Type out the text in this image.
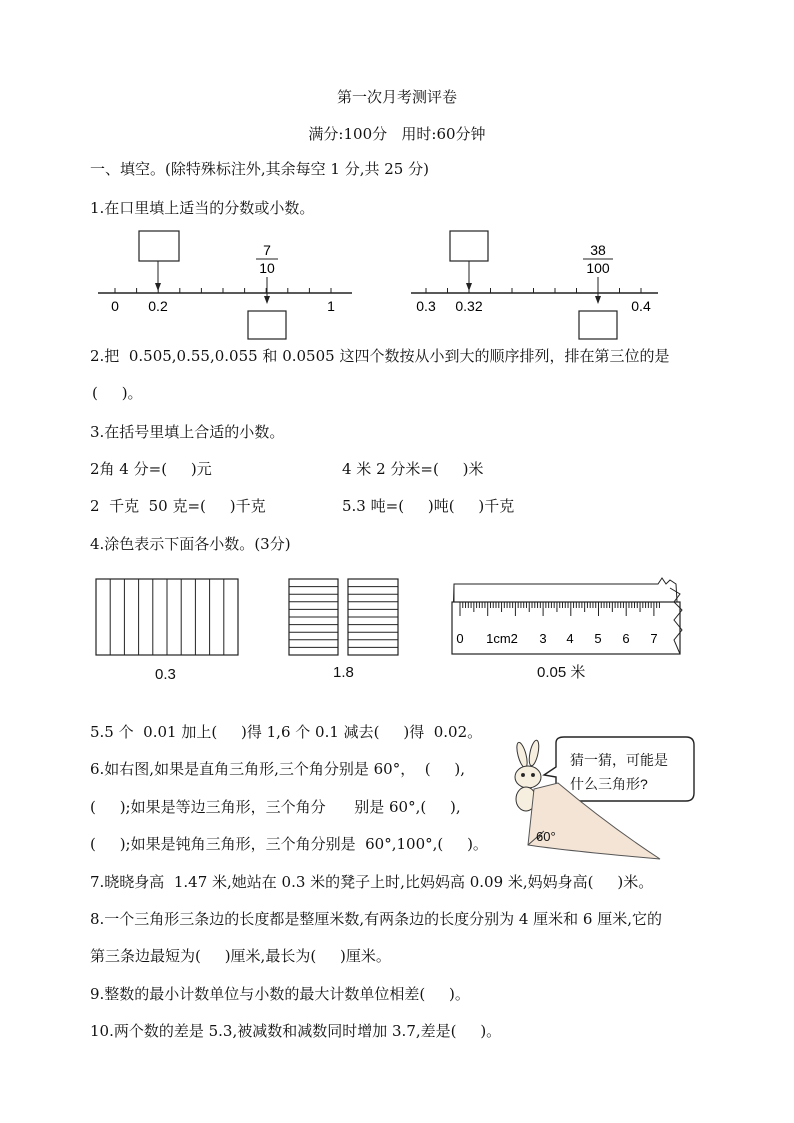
第一次月考测评卷
满分:100分   用时:60分钟
一、填空。(除特殊标注外,其余每空 1 分,共 25 分)
1.在口里填上适当的分数或小数。
7
10
0 0.2	1
38
100
0.3 0.32	0.4
2.把  0.505,0.55,0.055 和 0.0505 这四个数按从小到大的顺序排列，排在第三位的是
(     )。
3.在括号里填上合适的小数。
2角 4 分=(     )元	4 米 2 分米=(     )米
2  千克  50 克=(     )千克	5.3 吨=(     )吨(     )千克
4.涂色表示下面各小数。(3分)
0.3	1.8
0 1cm2 3 4 5 6 7
0.05 米
5.5 个  0.01 加上(     )得 1,6 个 0.1 减去(     )得  0.02。
6.如右图,如果是直角三角形,三个角分别是 60°，  (     ),
(     );如果是等边三角形，三个角分      别是 60°,(     ),
(     );如果是钝角三角形，三个角分别是  60°,100°,(     )。
猜一猜，可能是
什么三角形?
60°
7.晓晓身高  1.47 米,她站在 0.3 米的凳子上时,比妈妈高 0.09 米,妈妈身高(     )米。
8.一个三角形三条边的长度都是整厘米数,有两条边的长度分别为 4 厘米和 6 厘米,它的
第三条边最短为(     )厘米,最长为(     )厘米。
9.整数的最小计数单位与小数的最大计数单位相差(     )。
10.两个数的差是 5.3,被减数和减数同时增加 3.7,差是(     )。
